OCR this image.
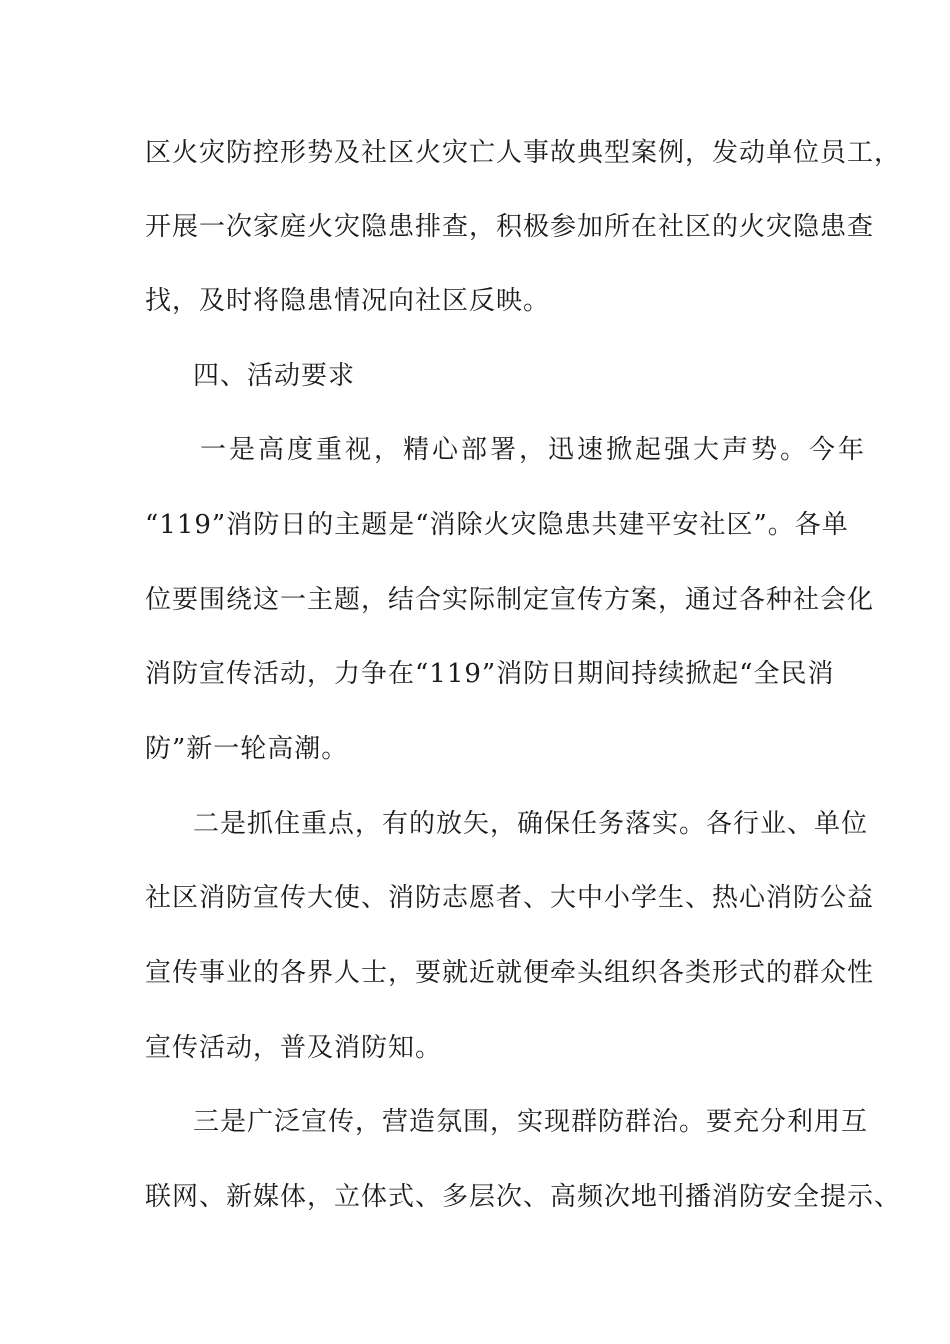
区火灾防控形势及社区火灾亡人事故典型案例，发动单位员工，
开展一次家庭火灾隐患排查，积极参加所在社区的火灾隐患查
找，及时将隐患情况向社区反映。
四、活动要求
一是高度重视，精心部署，迅速掀起强大声势。今年
“119”消防日的主题是“消除火灾隐患共建平安社区”。各单
位要围绕这一主题，结合实际制定宣传方案，通过各种社会化
消防宣传活动，力争在“119”消防日期间持续掀起“全民消
防”新一轮高潮。
二是抓住重点，有的放矢，确保任务落实。各行业、单位
社区消防宣传大使、消防志愿者、大中小学生、热心消防公益
宣传事业的各界人士，要就近就便牵头组织各类形式的群众性
宣传活动，普及消防知。
三是广泛宣传，营造氛围，实现群防群治。要充分利用互
联网、新媒体，立体式、多层次、高频次地刊播消防安全提示、
